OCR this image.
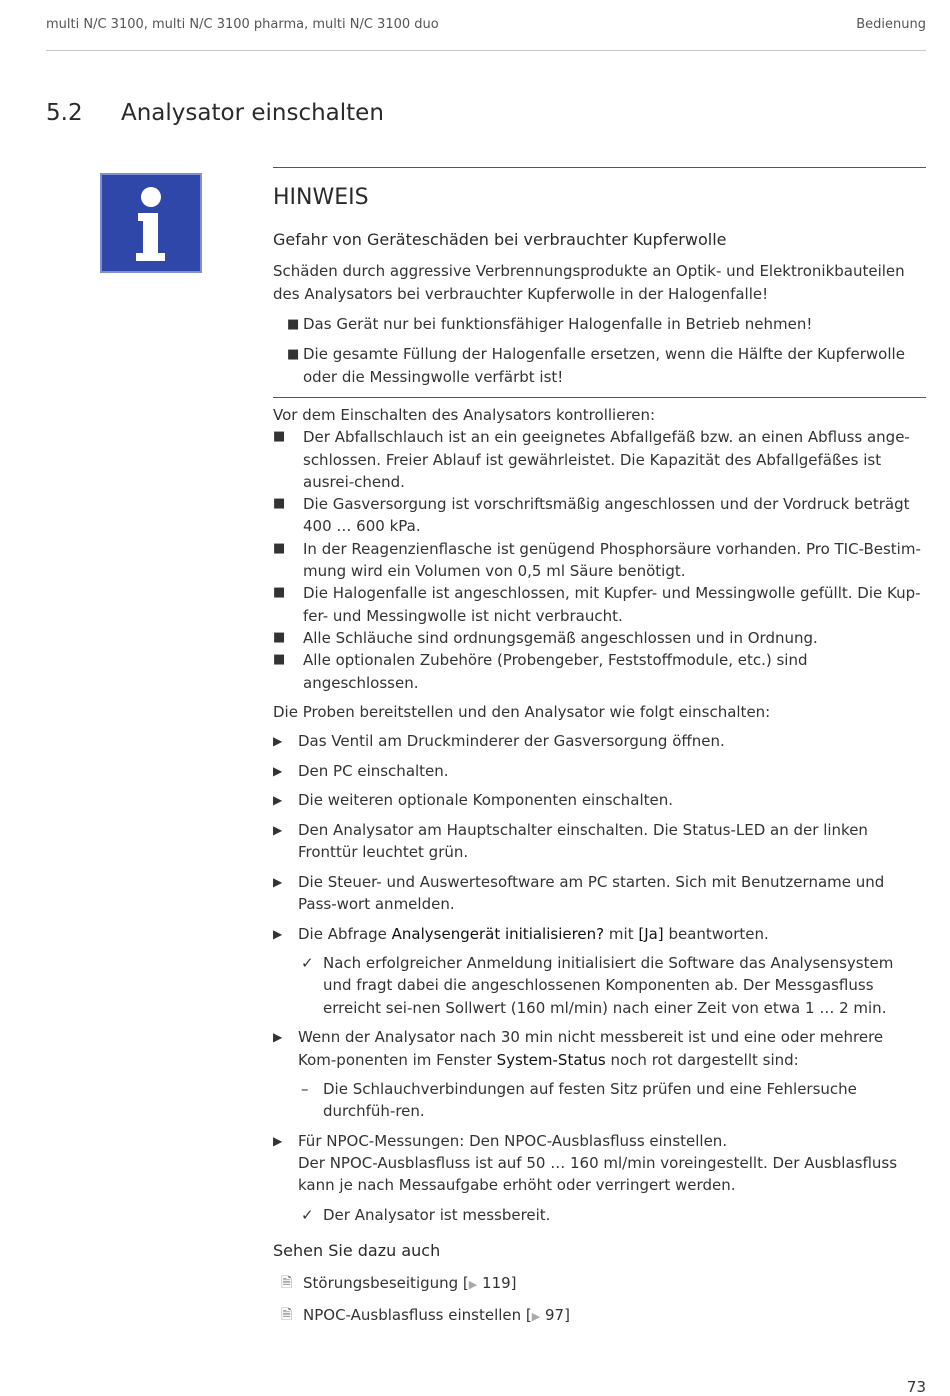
multi N/C 3100, multi N/C 3100 pharma, multi N/C 3100 duo	Bedienung
5.2 Analysator einschalten
HINWEIS
Gefahr von Geräteschäden bei verbrauchter Kupferwolle

Schäden durch aggressive Verbrennungsprodukte an Optik- und Elektronikbauteilen des Analysators bei verbrauchter Kupferwolle in der Halogenfalle!

■ Das Gerät nur bei funktionsfähiger Halogenfalle in Betrieb nehmen!
■ Die gesamte Füllung der Halogenfalle ersetzen, wenn die Hälfte der Kupferwolle oder die Messingwolle verfärbt ist!

Vor dem Einschalten des Analysators kontrollieren:

■ Der Abfallschlauch ist an ein geeignetes Abfallgefäß bzw. an einen Abfluss ange-schlossen. Freier Ablauf ist gewährleistet. Die Kapazität des Abfallgefäßes ist ausrei-chend.
■ Die Gasversorgung ist vorschriftsmäßig angeschlossen und der Vordruck beträgt 400 … 600 kPa.
■ In der Reagenzienflasche ist genügend Phosphorsäure vorhanden. Pro TIC-Bestim-mung wird ein Volumen von 0,5 ml Säure benötigt.
■ Die Halogenfalle ist angeschlossen, mit Kupfer- und Messingwolle gefüllt. Die Kup-fer- und Messingwolle ist nicht verbraucht.
■ Alle Schläuche sind ordnungsgemäß angeschlossen und in Ordnung.
■ Alle optionalen Zubehöre (Probengeber, Feststoffmodule, etc.) sind angeschlossen.

Die Proben bereitstellen und den Analysator wie folgt einschalten:

▶ Das Ventil am Druckminderer der Gasversorgung öffnen.
▶ Den PC einschalten.
▶ Die weiteren optionale Komponenten einschalten.
▶ Den Analysator am Hauptschalter einschalten. Die Status-LED an der linken Fronttür leuchtet grün.
▶ Die Steuer- und Auswertesoftware am PC starten. Sich mit Benutzername und Pass-wort anmelden.
▶ Die Abfrage Analysengerät initialisieren? mit [Ja] beantworten.
✓ Nach erfolgreicher Anmeldung initialisiert die Software das Analysensystem und fragt dabei die angeschlossenen Komponenten ab. Der Messgasfluss erreicht sei-nen Sollwert (160 ml/min) nach einer Zeit von etwa 1 … 2 min.
▶ Wenn der Analysator nach 30 min nicht messbereit ist und eine oder mehrere Kom-ponenten im Fenster System-Status noch rot dargestellt sind:
– Die Schlauchverbindungen auf festen Sitz prüfen und eine Fehlersuche durchfüh-ren.
▶ Für NPOC-Messungen: Den NPOC-Ausblasfluss einstellen.
Der NPOC-Ausblasfluss ist auf 50 … 160 ml/min voreingestellt. Der Ausblasfluss kann je nach Messaufgabe erhöht oder verringert werden.
✓ Der Analysator ist messbereit.

Sehen Sie dazu auch

🗎 Störungsbeseitigung [▶ 119]
🗎 NPOC-Ausblasfluss einstellen [▶ 97]
73
